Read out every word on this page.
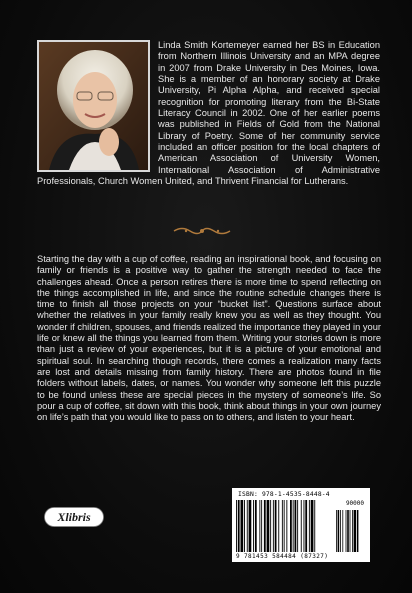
Linda Smith Kortemeyer earned her BS in Education from Northern Illinois University and an MPA degree in 2007 from Drake University in Des Moines, Iowa. She is a member of an honorary society at Drake University, Pi Alpha Alpha, and received special recognition for promoting literary from the Bi-State Literacy Council in 2002. One of her earlier poems was published in Fields of Gold from the National Library of Poetry. Some of her community service included an officer position for the local chapters of American Association of University Women, International Association of Administrative Professionals, Church Women United, and Thrivent Financial for Lutherans.
Starting the day with a cup of coffee, reading an inspirational book, and focusing on family or friends is a positive way to gather the strength needed to face the challenges ahead. Once a person retires there is more time to spend reflecting on the things accomplished in life, and since the routine schedule changes there is time to finish all those projects on your “bucket list”. Questions surface about whether the relatives in your family really knew you as well as they thought. You wonder if children, spouses, and friends realized the importance they played in your life or knew all the things you learned from them. Writing your stories down is more than just a review of your experiences, but it is a picture of your emotional and spiritual soul. In searching though records, there comes a realization many facts are lost and details missing from family history. There are photos found in file folders without labels, dates, or names. You wonder why someone left this puzzle to be found unless these are special pieces in the mystery of someone’s life. So pour a cup of coffee, sit down with this book, think about things in your own journey on life’s path that you would like to pass on to others, and listen to your heart.
Xlibris
ISBN: 978-1-4535-8448-4
90000
9 781453 584484 (87327)
